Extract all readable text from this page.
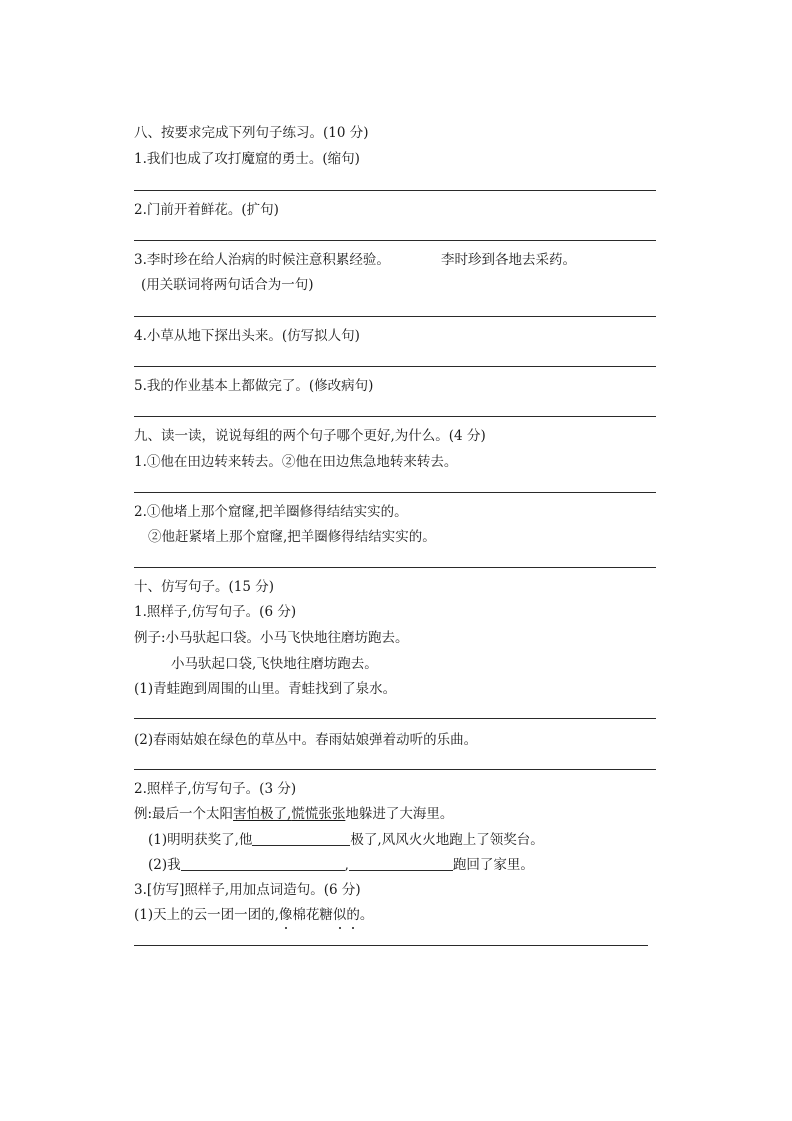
八、按要求完成下列句子练习。(10 分)
1.我们也成了攻打魔窟的勇士。(缩句)
2.门前开着鲜花。(扩句)
3.李时珍在给人治病的时候注意积累经验。	李时珍到各地去采药。
(用关联词将两句话合为一句)
4.小草从地下探出头来。(仿写拟人句)
5.我的作业基本上都做完了。(修改病句)
九、读一读，说说每组的两个句子哪个更好,为什么。(4 分)
1.①他在田边转来转去。②他在田边焦急地转来转去。
2.①他堵上那个窟窿,把羊圈修得结结实实的。
②他赶紧堵上那个窟窿,把羊圈修得结结实实的。
十、仿写句子。(15 分)
1.照样子,仿写句子。(6 分)
例子:小马驮起口袋。小马飞快地往磨坊跑去。
小马驮起口袋,飞快地往磨坊跑去。
(1)青蛙跑到周围的山里。青蛙找到了泉水。
(2)春雨姑娘在绿色的草丛中。春雨姑娘弹着动听的乐曲。
2.照样子,仿写句子。(3 分)
例:最后一个太阳害怕极了,慌慌张张地躲进了大海里。
(1)明明获奖了,他	极了,风风火火地跑上了领奖台。
(2)我	,	跑回了家里。
3.[仿写]照样子,用加点词造句。(6 分)
(1)天上的云一团一团的,像棉花糖似的。
